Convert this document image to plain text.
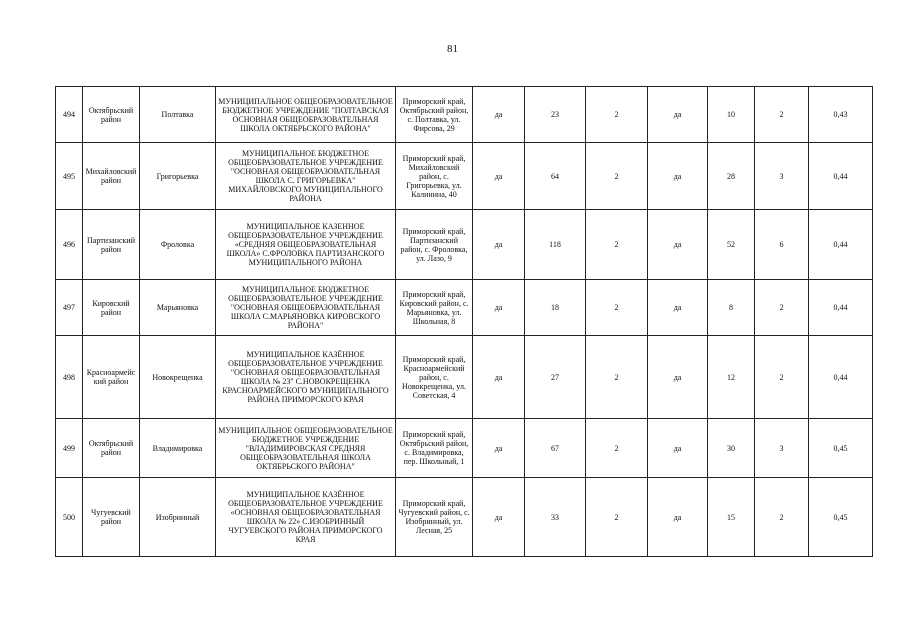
81
494	Октябрьский район	Полтавка	МУНИЦИПАЛЬНОЕ ОБЩЕОБРАЗОВАТЕЛЬНОЕ БЮДЖЕТНОЕ УЧРЕЖДЕНИЕ "ПОЛТАВСКАЯ ОСНОВНАЯ ОБЩЕОБРАЗОВАТЕЛЬНАЯ ШКОЛА ОКТЯБРЬСКОГО РАЙОНА"	Приморский край, Октябрьский район, с. Полтавка, ул. Фирсова, 29	да	23	2	да	10	2	0,43
495	Михайловский район	Григорьевка	МУНИЦИПАЛЬНОЕ БЮДЖЕТНОЕ ОБЩЕОБРАЗОВАТЕЛЬНОЕ УЧРЕЖДЕНИЕ "ОСНОВНАЯ ОБЩЕОБРАЗОВАТЕЛЬНАЯ ШКОЛА С. ГРИГОРЬЕВКА" МИХАЙЛОВСКОГО МУНИЦИПАЛЬНОГО РАЙОНА	Приморский край, Михайловский район, с. Григорьевка, ул. Калинина, 40	да	64	2	да	28	3	0,44
496	Партизанский район	Фроловка	МУНИЦИПАЛЬНОЕ КАЗЕННОЕ ОБЩЕОБРАЗОВАТЕЛЬНОЕ УЧРЕЖДЕНИЕ «СРЕДНЯЯ ОБЩЕОБРАЗОВАТЕЛЬНАЯ ШКОЛА» С.ФРОЛОВКА ПАРТИЗАНСКОГО МУНИЦИПАЛЬНОГО РАЙОНА	Приморский край, Партизанский район, с. Фроловка, ул. Лазо, 9	да	118	2	да	52	6	0,44
497	Кировский район	Марьяновка	МУНИЦИПАЛЬНОЕ БЮДЖЕТНОЕ ОБЩЕОБРАЗОВАТЕЛЬНОЕ УЧРЕЖДЕНИЕ "ОСНОВНАЯ ОБЩЕОБРАЗОВАТЕЛЬНАЯ ШКОЛА С.МАРЬЯНОВКА КИРОВСКОГО РАЙОНА"	Приморский край, Кировский район, с. Марьяновка, ул. Школьная, 8	да	18	2	да	8	2	0,44
498	Красноармейский район	Новокрещенка	МУНИЦИПАЛЬНОЕ КАЗЁННОЕ ОБЩЕОБРАЗОВАТЕЛЬНОЕ УЧРЕЖДЕНИЕ "ОСНОВНАЯ ОБЩЕОБРАЗОВАТЕЛЬНАЯ ШКОЛА № 23" С.НОВОКРЕЩЕНКА КРАСНОАРМЕЙСКОГО МУНИЦИПАЛЬНОГО РАЙОНА ПРИМОРСКОГО КРАЯ	Приморский край, Красноармейский район, с. Новокрещенка, ул. Советская, 4	да	27	2	да	12	2	0,44
499	Октябрьский район	Владимировка	МУНИЦИПАЛЬНОЕ ОБЩЕОБРАЗОВАТЕЛЬНОЕ БЮДЖЕТНОЕ УЧРЕЖДЕНИЕ "ВЛАДИМИРОВСКАЯ СРЕДНЯЯ ОБЩЕОБРАЗОВАТЕЛЬНАЯ ШКОЛА ОКТЯБРЬСКОГО РАЙОНА"	Приморский край, Октябрьский район, с. Владимировка, пер. Школьный, 1	да	67	2	да	30	3	0,45
500	Чугуевский район	Изобринный	МУНИЦИПАЛЬНОЕ КАЗЁННОЕ ОБЩЕОБРАЗОВАТЕЛЬНОЕ УЧРЕЖДЕНИЕ «ОСНОВНАЯ ОБЩЕОБРАЗОВАТЕЛЬНАЯ ШКОЛА № 22» С.ИЗОБРИННЫЙ ЧУГУЕВСКОГО РАЙОНА ПРИМОРСКОГО КРАЯ	Приморский край, Чугуевский район, с. Изобринный, ул. Лесная, 25	да	33	2	да	15	2	0,45
